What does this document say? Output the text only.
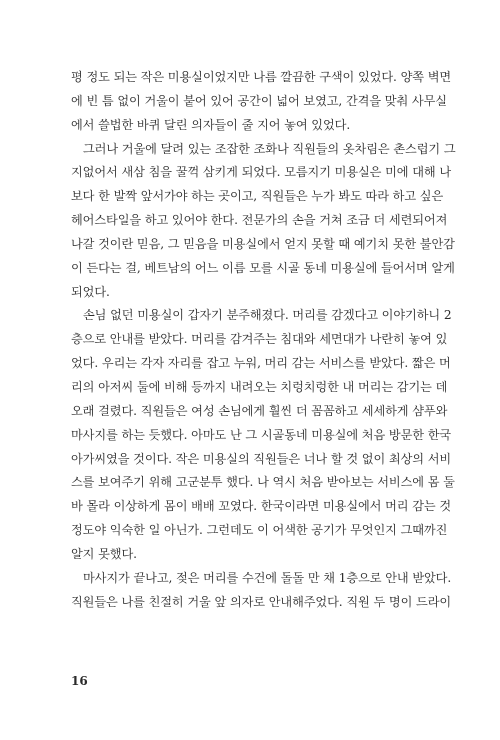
평 정도 되는 작은 미용실이었지만 나름 깔끔한 구색이 있었다. 양쪽 벽면
에 빈 틈 없이 거울이 붙어 있어 공간이 넓어 보였고, 간격을 맞춰 사무실
에서 쓸법한 바퀴 달린 의자들이 줄 지어 놓여 있었다.
그러나 거울에 달려 있는 조잡한 조화나 직원들의 옷차림은 촌스럽기 그
지없어서 새삼 침을 꿀꺽 삼키게 되었다. 모름지기 미용실은 미에 대해 나
보다 한 발짝 앞서가야 하는 곳이고, 직원들은 누가 봐도 따라 하고 싶은
헤어스타일을 하고 있어야 한다. 전문가의 손을 거쳐 조금 더 세련되어져
나갈 것이란 믿음, 그 믿음을 미용실에서 얻지 못할 때 예기치 못한 불안감
이 든다는 걸, 베트남의 어느 이름 모를 시골 동네 미용실에 들어서며 알게
되었다.
손님 없던 미용실이 갑자기 분주해졌다. 머리를 감겠다고 이야기하니 2
층으로 안내를 받았다. 머리를 감겨주는 침대와 세면대가 나란히 놓여 있
었다. 우리는 각자 자리를 잡고 누워, 머리 감는 서비스를 받았다. 짧은 머
리의 아저씨 둘에 비해 등까지 내려오는 치렁치렁한 내 머리는 감기는 데
오래 걸렸다. 직원들은 여성 손님에게 훨씬 더 꼼꼼하고 세세하게 샴푸와
마사지를 하는 듯했다. 아마도 난 그 시골동네 미용실에 처음 방문한 한국
아가씨였을 것이다. 작은 미용실의 직원들은 너나 할 것 없이 최상의 서비
스를 보여주기 위해 고군분투 했다. 나 역시 처음 받아보는 서비스에 몸 둘
바 몰라 이상하게 몸이 배배 꼬였다. 한국이라면 미용실에서 머리 감는 것
정도야 익숙한 일 아닌가. 그런데도 이 어색한 공기가 무엇인지 그때까진
알지 못했다.
마사지가 끝나고, 젖은 머리를 수건에 돌돌 만 채 1층으로 안내 받았다.
직원들은 나를 친절히 거울 앞 의자로 안내해주었다. 직원 두 명이 드라이
16
